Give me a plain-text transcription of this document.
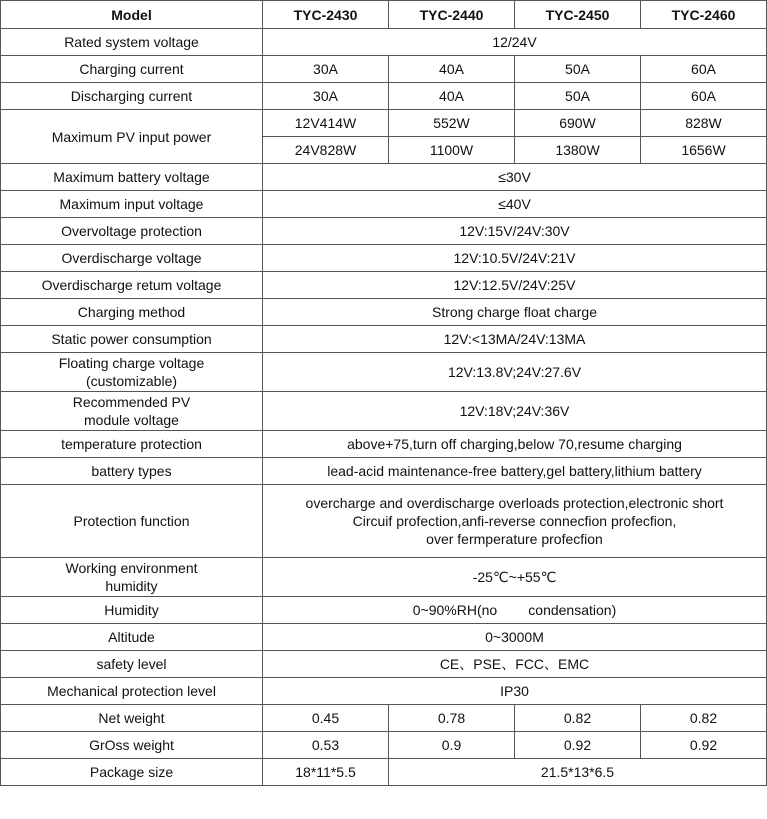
Model	TYC-2430	TYC-2440	TYC-2450	TYC-2460
Rated system voltage	12/24V			
Charging current	30A	40A	50A	60A
Discharging current	30A	40A	50A	60A
Maximum PV input power	12V414W	552W	690W	828W
	24V828W	1100W	1380W	1656W
Maximum battery voltage	≤30V			
Maximum input voltage	≤40V			
Overvoltage protection	12V:15V/24V:30V			
Overdischarge voltage	12V:10.5V/24V:21V			
Overdischarge retum voltage	12V:12.5V/24V:25V			
Charging method	Strong charge float charge			
Static power consumption	12V:<13MA/24V:13MA			
Floating charge voltage
(customizable)	12V:13.8V;24V:27.6V			
Recommended PV
module voltage	12V:18V;24V:36V			
temperature protection	above+75,turn off charging,below 70,resume charging			
battery types	lead-acid maintenance-free battery,gel battery,lithium battery			
Protection function	overcharge and overdischarge overloads protection,electronic short
Circuif profection,anfi-reverse connecfion profecfion,
over fermperature profecfion			
Working environment
humidity	-25℃~+55℃			
Humidity	0~90%RH(no        condensation)			
Altitude	0~3000M			
safety level	CE、PSE、FCC、EMC			
Mechanical protection level	IP30			
Net weight	0.45	0.78	0.82	0.82
GrOss weight	0.53	0.9	0.92	0.92
Package size	18*11*5.5	21.5*13*6.5		
